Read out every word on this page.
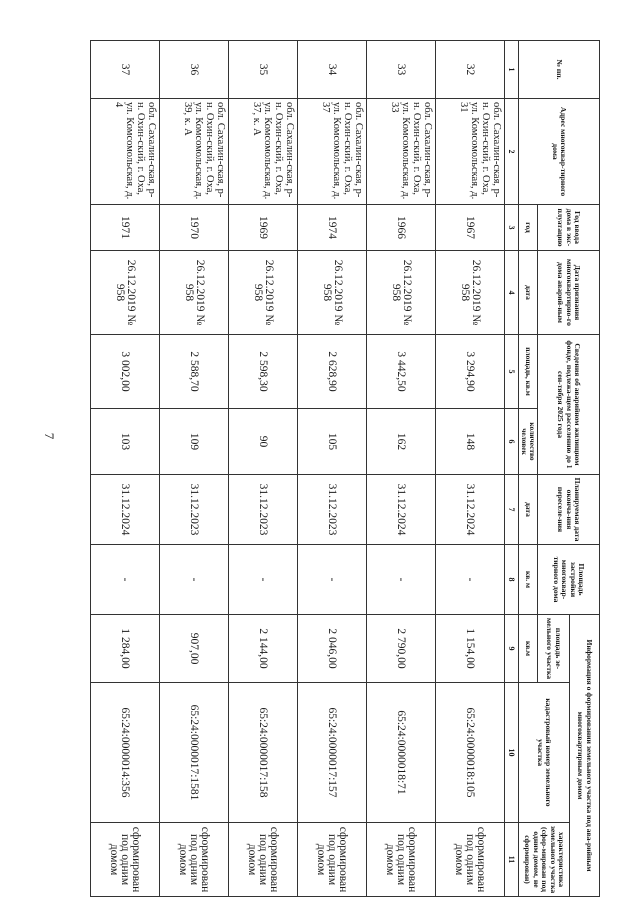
7
№ пп.	Адрес многоквар-тирного дома	Год ввода дома в экс-плуатацию	Дата признания многоквартирно-го дома аварий-ным	Сведения об аварийном жилищном фонде, подлежа-щем расселению до 1 сен-тября 2025 года		Планируемая дата оконча-ния переселе-ния	Площадь застройки многоквар-тирного дома	Информация о формировании земельного участка под ава-рийным многоквартирным домом		
								площадь зе-мельного участка	кадастровый номер земельного участка	характеристика земельного участка (сфор-мирован под одним домом, не сформирован)
		год	дата	площадь, кв.м	количество человек	дата	кв. м	кв.м		
1	2	3	4	5	6	7	8	9	10	11
32	обл. Сахалин-ская, р-н. Охин-ский, г. Оха, ул. Комсомольская, д. 31	1967	26.12.2019 № 958	3 294,90	148	31.12.2024	-	1 154,00	65:24:0000018:105	сформирован под одним домом
33	обл. Сахалин-ская, р-н. Охин-ский, г. Оха, ул. Комсомольская, д. 33	1966	26.12.2019 № 958	3 442,50	162	31.12.2024	-	2 790,00	65:24:0000018:71	сформирован под одним домом
34	обл. Сахалин-ская, р-н. Охин-ский, г. Оха, ул. Комсомольская, д. 37	1974	26.12.2019 № 958	2 628,90	105	31.12.2023	-	2 046,00	65:24:0000017:157	сформирован под одним домом
35	обл. Сахалин-ская, р-н. Охин-ский, г. Оха, ул. Комсомольская, д. 37, к. А	1969	26.12.2019 № 958	2 598,30	90	31.12.2023	-	2 144,00	65:24:0000017:158	сформирован под одним домом
36	обл. Сахалин-ская, р-н. Охин-ский, г. Оха, ул. Комсомольская, д. 39, к. А	1970	26.12.2019 № 958	2 588,70	109	31.12.2023	-	907,00	65:24:0000017:1581	сформирован под одним домом
37	обл. Сахалин-ская, р-н. Охин-ский, г. Оха, ул. Комсомольская, д. 4	1971	26.12.2019 № 958	3 002,00	103	31.12.2024	-	1 284,00	65:24:0000014:356	сформирован под одним домом
